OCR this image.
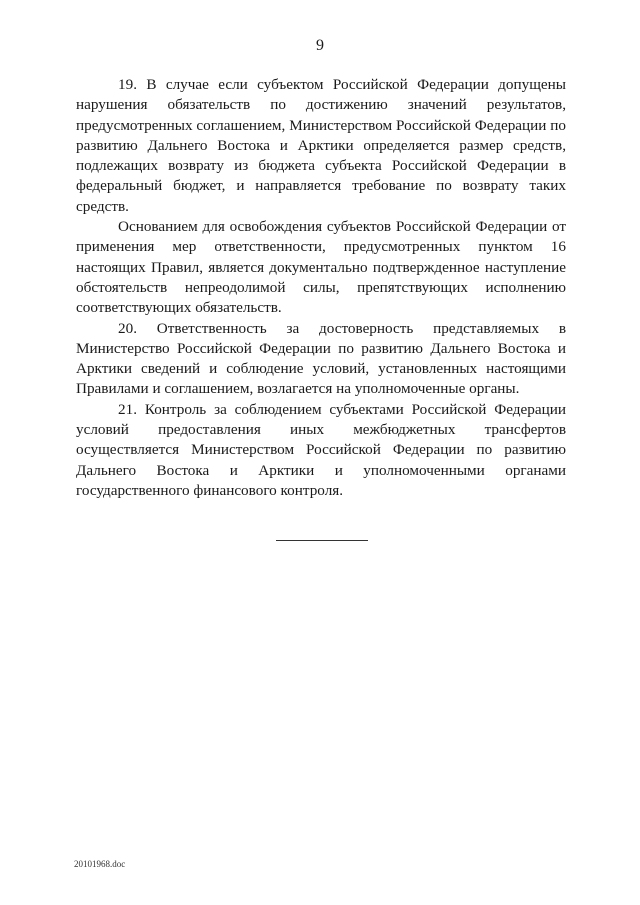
9

19. В случае если субъектом Российской Федерации допущены нарушения обязательств по достижению значений результатов, предусмотренных соглашением, Министерством Российской Федерации по развитию Дальнего Востока и Арктики определяется размер средств, подлежащих возврату из бюджета субъекта Российской Федерации в федеральный бюджет, и направляется требование по возврату таких средств.

Основанием для освобождения субъектов Российской Федерации от применения мер ответственности, предусмотренных пунктом 16 настоящих Правил, является документально подтвержденное наступление обстоятельств непреодолимой силы, препятствующих исполнению соответствующих обязательств.

20. Ответственность за достоверность представляемых в Министерство Российской Федерации по развитию Дальнего Востока и Арктики сведений и соблюдение условий, установленных настоящими Правилами и соглашением, возлагается на уполномоченные органы.

21. Контроль за соблюдением субъектами Российской Федерации условий предоставления иных межбюджетных трансфертов осуществляется Министерством Российской Федерации по развитию Дальнего Востока и Арктики и уполномоченными органами государственного финансового контроля.

20101968.doc
